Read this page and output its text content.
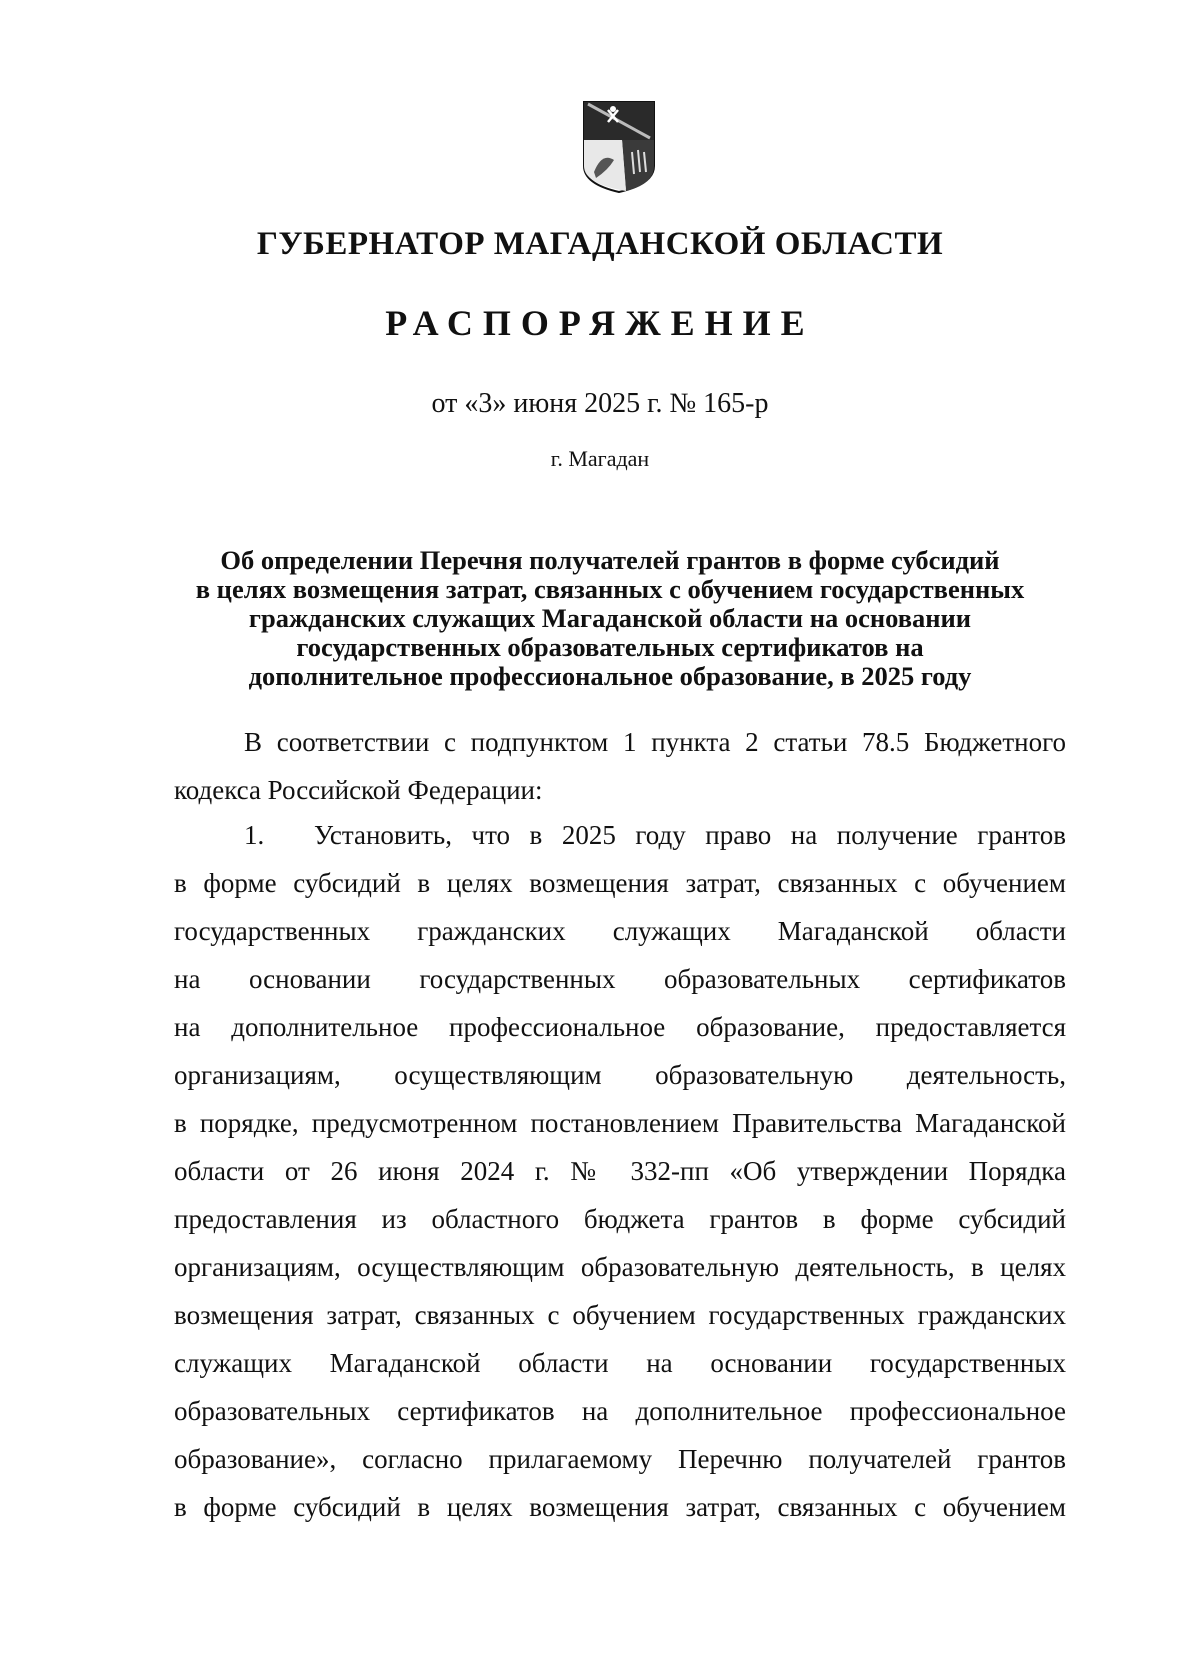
ГУБЕРНАТОР МАГАДАНСКОЙ ОБЛАСТИ
РАСПОРЯЖЕНИЕ
от «3» июня 2025 г. № 165-р
г. Магадан
Об определении Перечня получателей грантов в форме субсидий
в целях возмещения затрат, связанных с обучением государственных
гражданских служащих Магаданской области на основании
государственных образовательных сертификатов на
дополнительное профессиональное образование, в 2025 году
В соответствии с подпунктом 1 пункта 2 статьи 78.5 Бюджетного
кодекса Российской Федерации:
1.	Установить, что в 2025 году право на получение грантов
в форме субсидий в целях возмещения затрат, связанных с обучением
государственных гражданских служащих Магаданской области
на основании государственных образовательных сертификатов
на дополнительное профессиональное образование, предоставляется
организациям, осуществляющим образовательную деятельность,
в порядке, предусмотренном постановлением Правительства Магаданской
области от 26 июня 2024 г. № 332-пп «Об утверждении Порядка
предоставления из областного бюджета грантов в форме субсидий
организациям, осуществляющим образовательную деятельность, в целях
возмещения затрат, связанных с обучением государственных гражданских
служащих Магаданской области на основании государственных
образовательных сертификатов на дополнительное профессиональное
образование», согласно прилагаемому Перечню получателей грантов
в форме субсидий в целях возмещения затрат, связанных с обучением
